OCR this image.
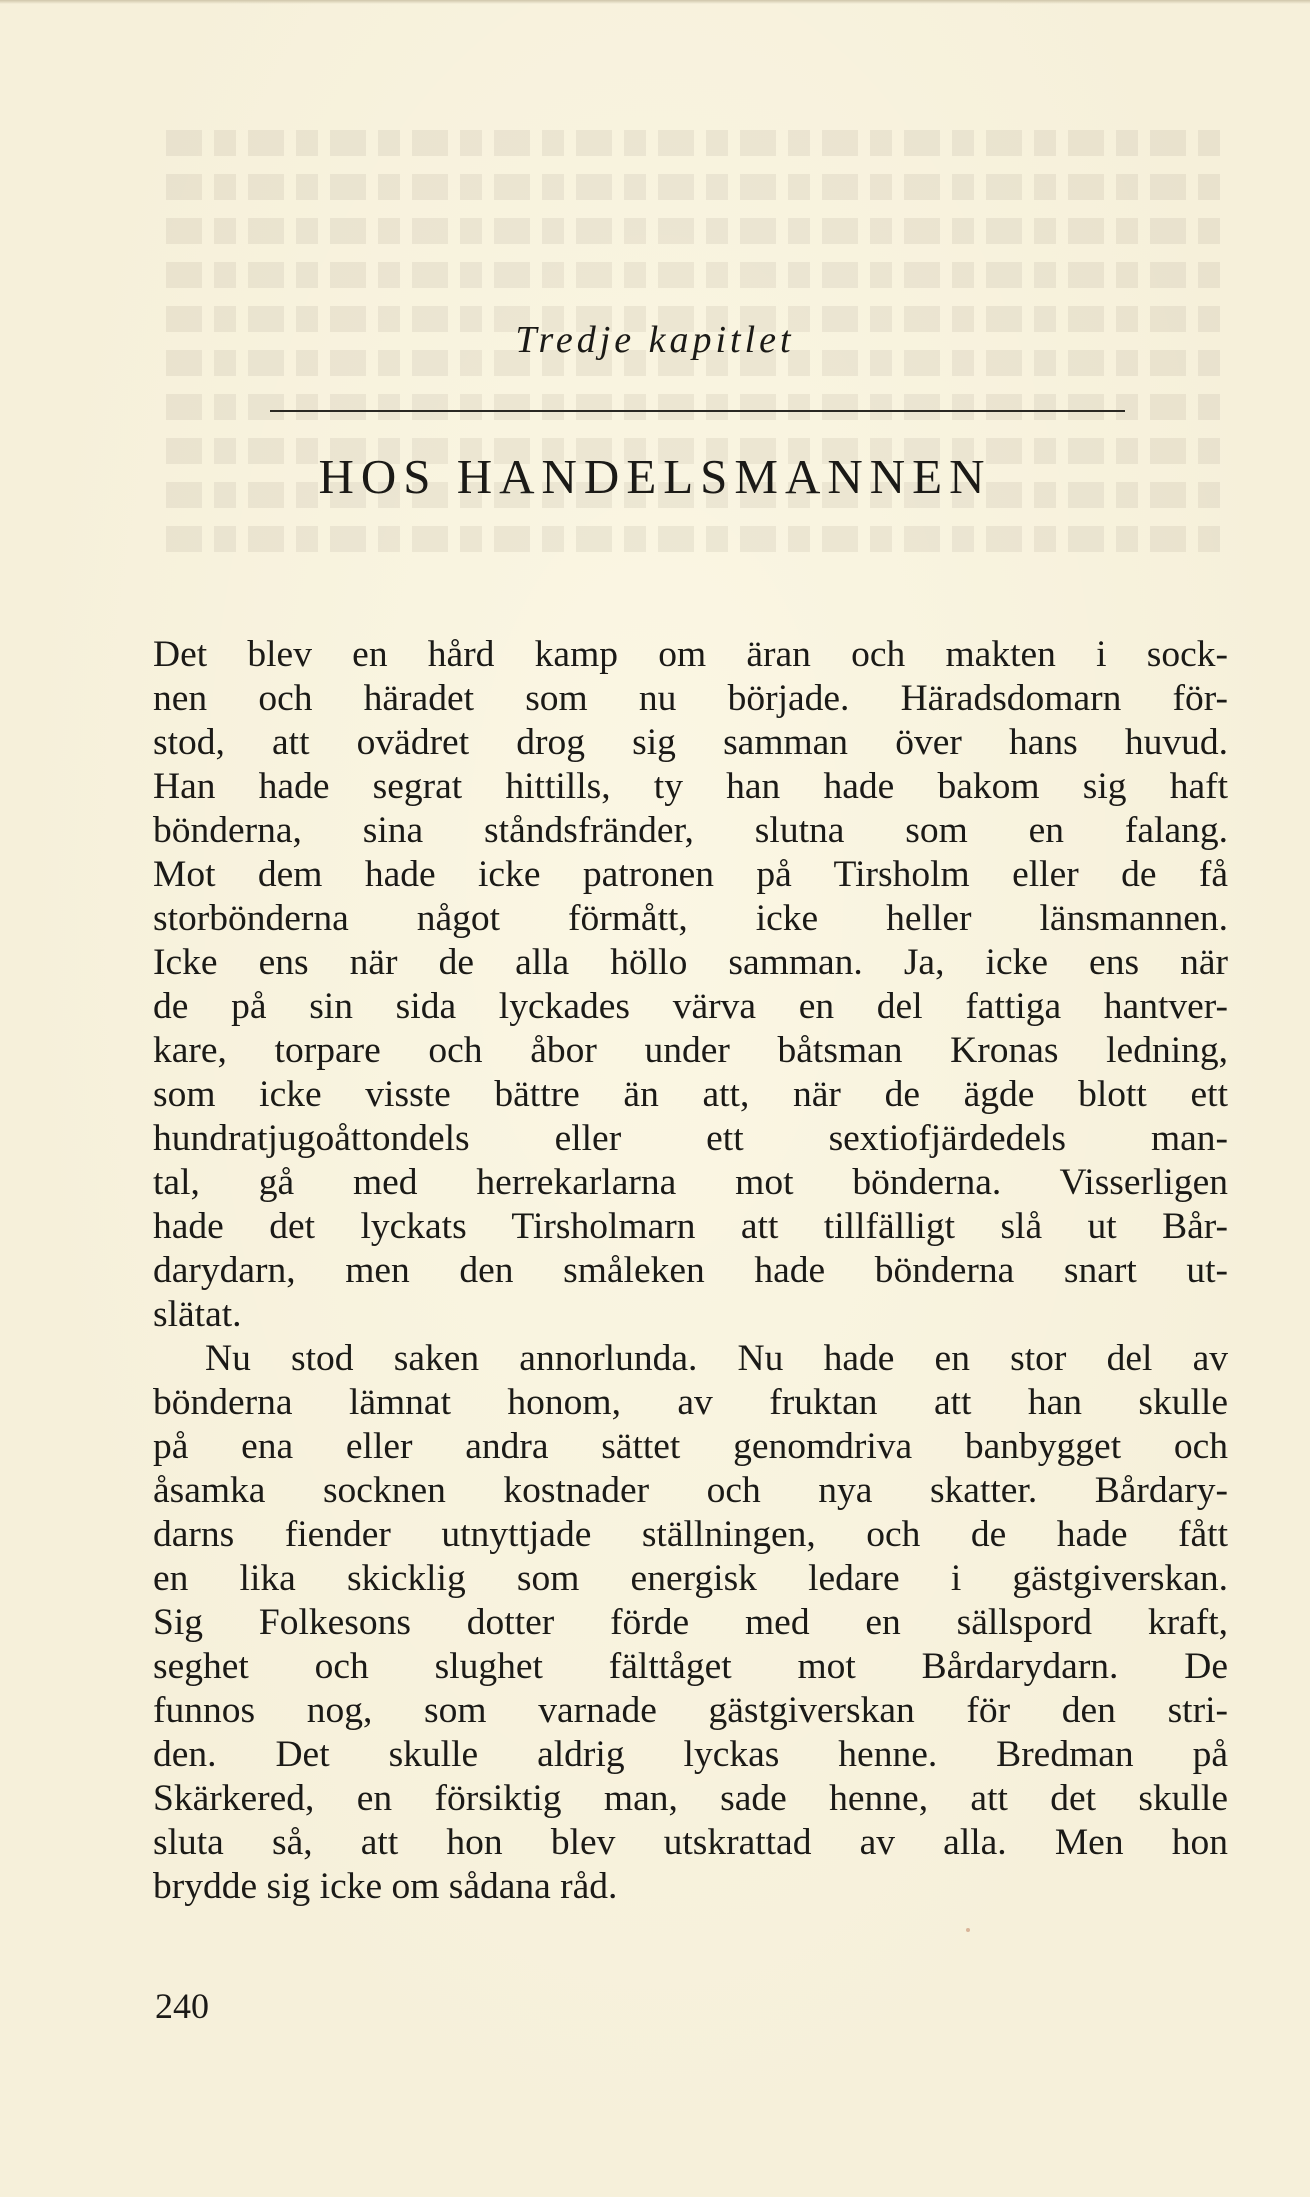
Tredje kapitlet
HOS HANDELSMANNEN
Det blev en hård kamp om äran och makten i sock-
nen och häradet som nu började. Häradsdomarn för-
stod, att ovädret drog sig samman över hans huvud.
Han hade segrat hittills, ty han hade bakom sig haft
bönderna, sina ståndsfränder, slutna som en falang.
Mot dem hade icke patronen på Tirsholm eller de få
storbönderna något förmått, icke heller länsmannen.
Icke ens när de alla höllo samman. Ja, icke ens när
de på sin sida lyckades värva en del fattiga hantver-
kare, torpare och åbor under båtsman Kronas ledning,
som icke visste bättre än att, när de ägde blott ett
hundratjugoåttondels eller ett sextiofjärdedels man-
tal, gå med herrekarlarna mot bönderna. Visserligen
hade det lyckats Tirsholmarn att tillfälligt slå ut Bår-
darydarn, men den småleken hade bönderna snart ut-
slätat.
Nu stod saken annorlunda. Nu hade en stor del av
bönderna lämnat honom, av fruktan att han skulle
på ena eller andra sättet genomdriva banbygget och
åsamka socknen kostnader och nya skatter. Bårdary-
darns fiender utnyttjade ställningen, och de hade fått
en lika skicklig som energisk ledare i gästgiverskan.
Sig Folkesons dotter förde med en sällspord kraft,
seghet och slughet fälttåget mot Bårdarydarn. De
funnos nog, som varnade gästgiverskan för den stri-
den. Det skulle aldrig lyckas henne. Bredman på
Skärkered, en försiktig man, sade henne, att det skulle
sluta så, att hon blev utskrattad av alla. Men hon
brydde sig icke om sådana råd.
240
